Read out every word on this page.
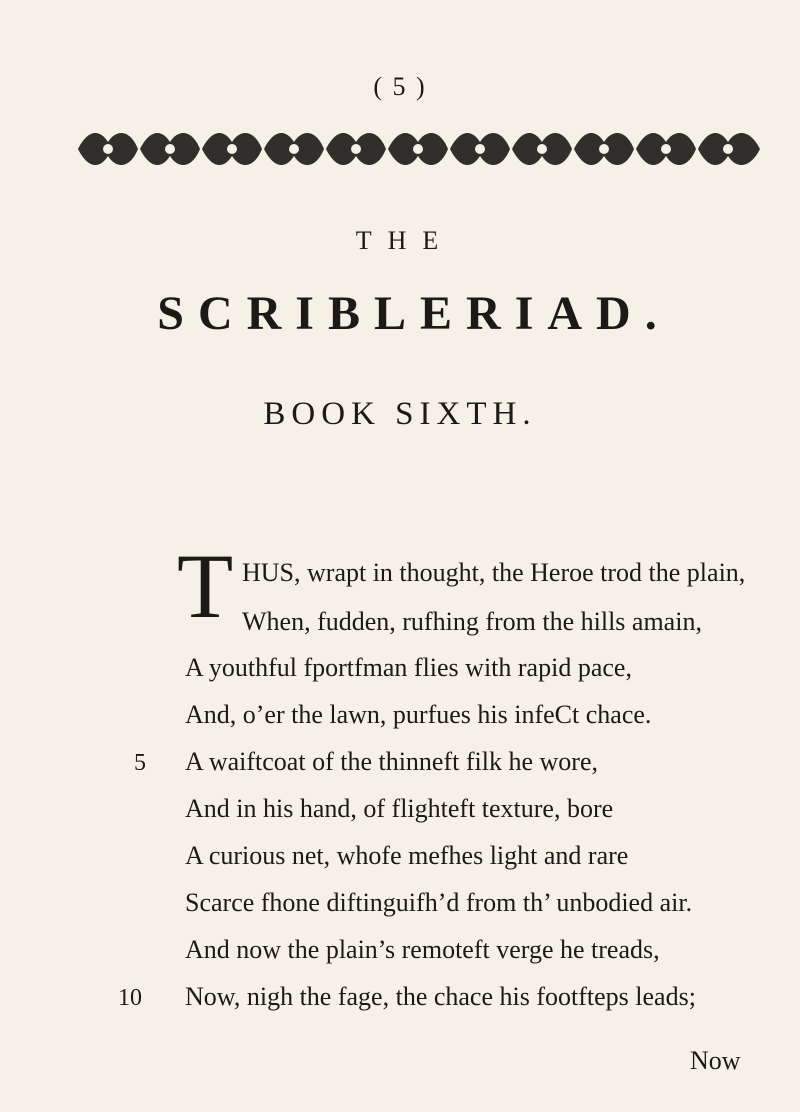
( 5 )
THE
SCRIBLERIAD.
BOOK SIXTH.
T HUS, wrapt in thought, the Heroe trod the plain,
When, fudden, rufhing from the hills amain,
A youthful fportfman flies with rapid pace,
And, o’er the lawn, purfues his infeCt chace.
A waiftcoat of the thinneft filk he wore,
And in his hand, of flighteft texture, bore
A curious net, whofe mefhes light and rare
Scarce fhone diftinguifh’d from th’ unbodied air.
And now the plain’s remoteft verge he treads,
Now, nigh the fage, the chace his footfteps leads;
5
10
Now
